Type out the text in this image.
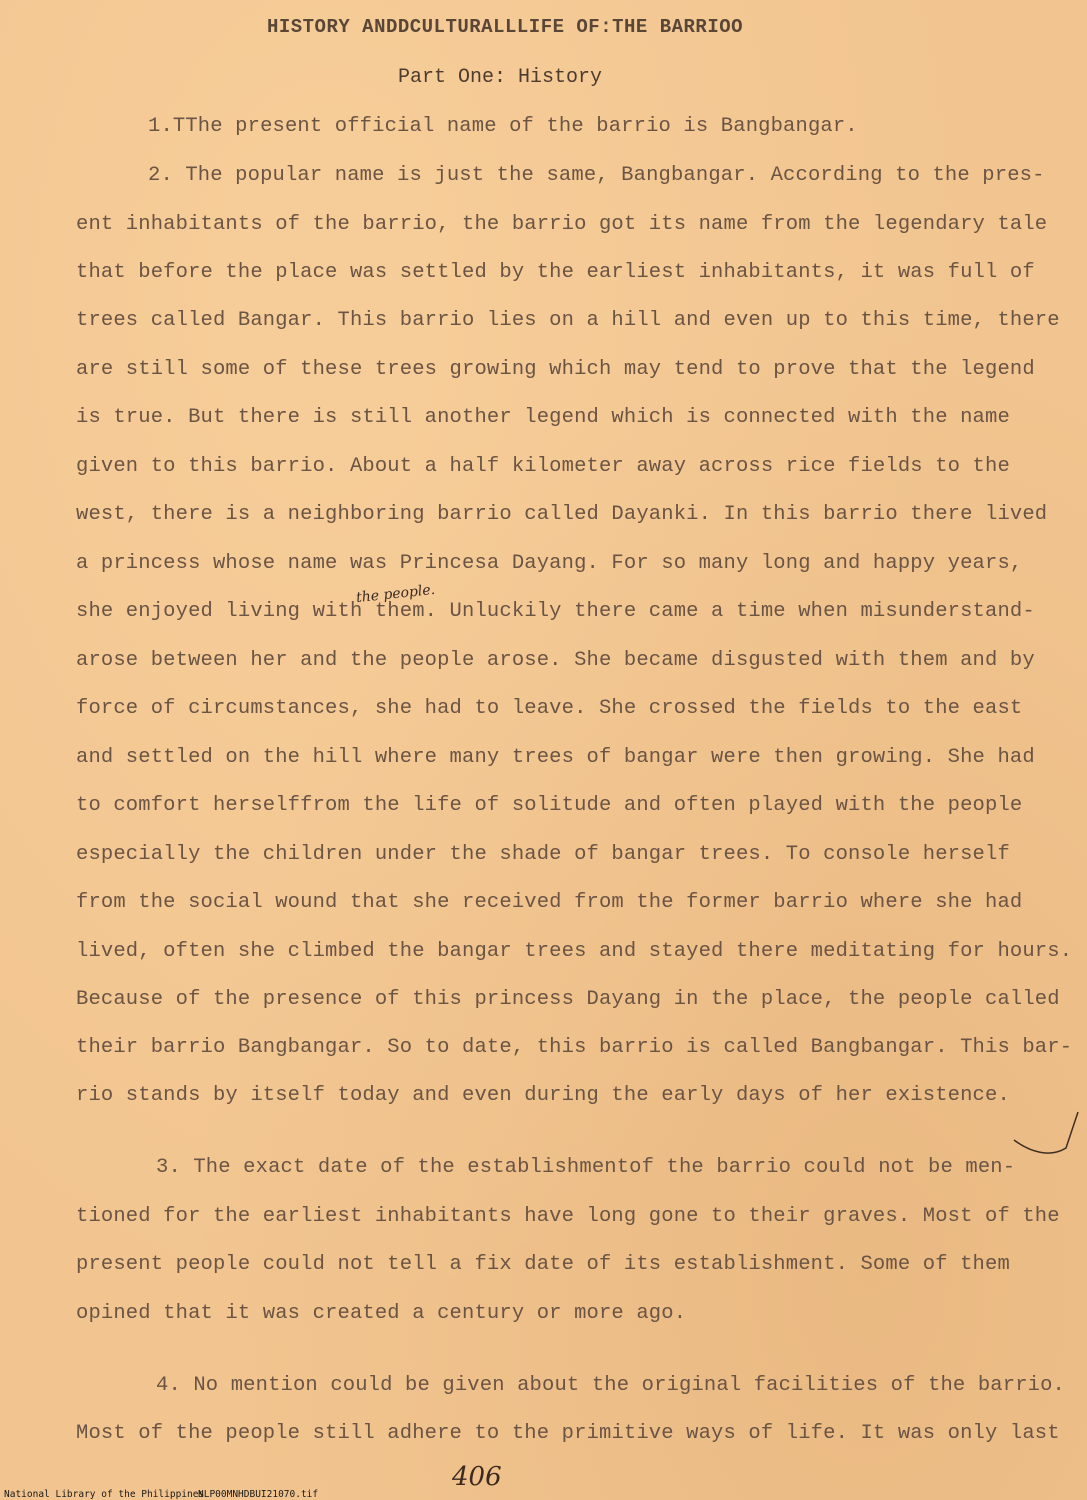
HISTORY ANDDCULTURALLLIFE OF:THE BARRIOO
Part One: History
1.TThe present official name of the barrio is Bangbangar.
2. The popular name is just the same, Bangbangar. According to the pres-
ent inhabitants of the barrio, the barrio got its name from the legendary tale
that before the place was settled by the earliest inhabitants, it was full of
trees called Bangar. This barrio lies on a hill and even up to this time, there
are still some of these trees growing which may tend to prove that the legend
is true. But there is still another legend which is connected with the name
given to this barrio. About a half kilometer away across rice fields to the
west, there is a neighboring barrio called Dayanki. In this barrio there lived
a princess whose name was Princesa Dayang. For so many long and happy years,
she enjoyed living with them. Unluckily there came a time when misunderstand-
arose between her and the people arose. She became disgusted with them and by
force of circumstances, she had to leave. She crossed the fields to the east
and settled on the hill where many trees of bangar were then growing. She had
to comfort herselffrom the life of solitude and often played with the people
especially the children under the shade of bangar trees. To console herself
from the social wound that she received from the former barrio where she had
lived, often she climbed the bangar trees and stayed there meditating for hours.
Because of the presence of this princess Dayang in the place, the people called
their barrio Bangbangar. So to date, this barrio is called Bangbangar. This bar-
rio stands by itself today and even during the early days of her existence.
3. The exact date of the establishmentof the barrio could not be men-
tioned for the earliest inhabitants have long gone to their graves. Most of the
present people could not tell a fix date of its establishment. Some of them
opined that it was created a century or more ago.
4. No mention could be given about the original facilities of the barrio.
Most of the people still adhere to the primitive ways of life. It was only last
the people.
406
National Library of the Philippines
NLP00MNHDBUI21070.tif
